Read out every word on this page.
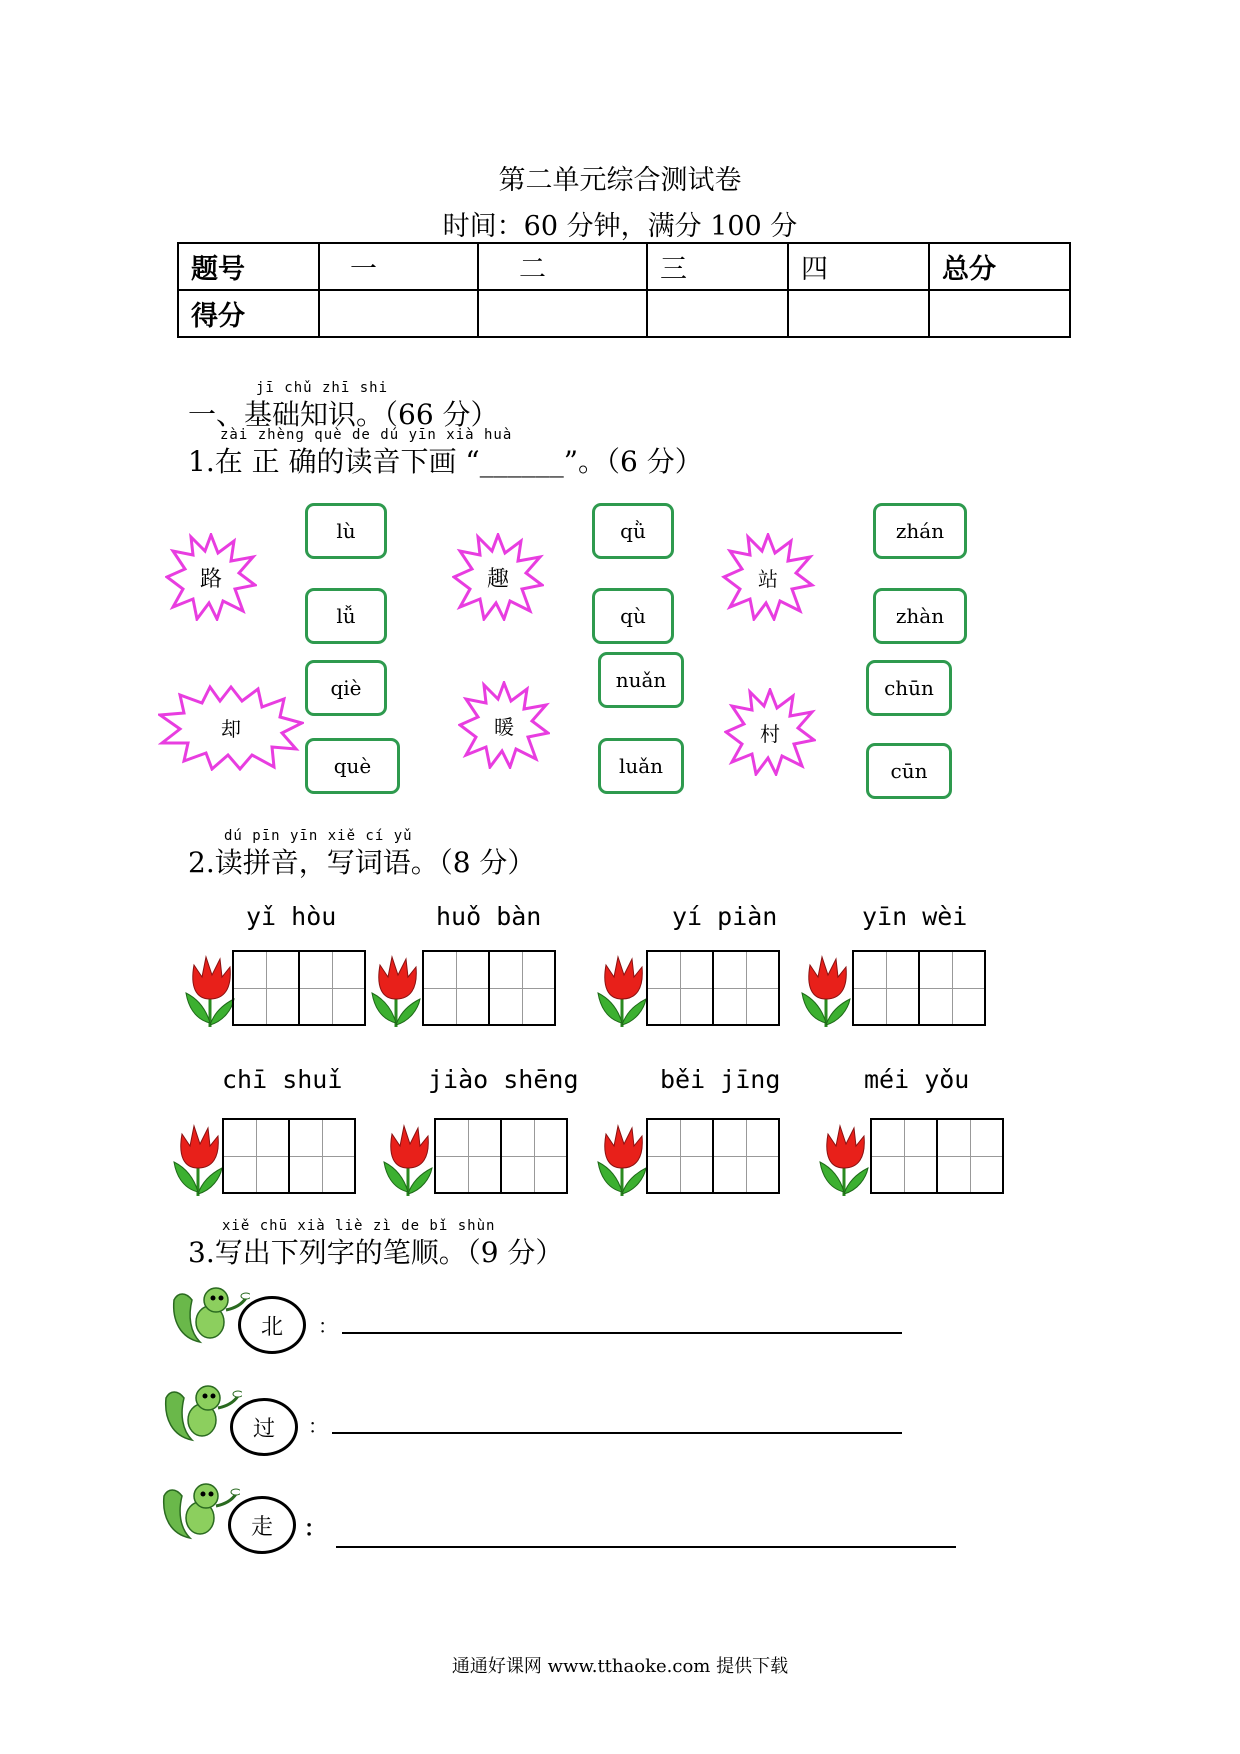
第二单元综合测试卷
时间：60 分钟，满分 100 分
题号	一	二	三	四	总分
得分					
jī chǔ zhī shi
一、基础知识。（66 分）
zài zhèng què de dú yīn xià huà
1.在 正 确的读音下画 “______”。（6 分）
路	趣	站
却	暖	村
lù
lǚ
qǜ
qù
zhán
zhàn
qiè
què
nuǎn
luǎn
chūn
cūn
dú pīn yīn xiě cí yǔ
2.读拼音，写词语。（8 分）
yǐ hòu	huǒ bàn	yí piàn	yīn wèi
chī shuǐ	jiào shēng	běi jīng	méi yǒu
xiě chū xià liè zì de bǐ shùn
3.写出下列字的笔顺。（9 分）
北	：
过	：
走	：
通通好课网 www.tthaoke.com 提供下载
